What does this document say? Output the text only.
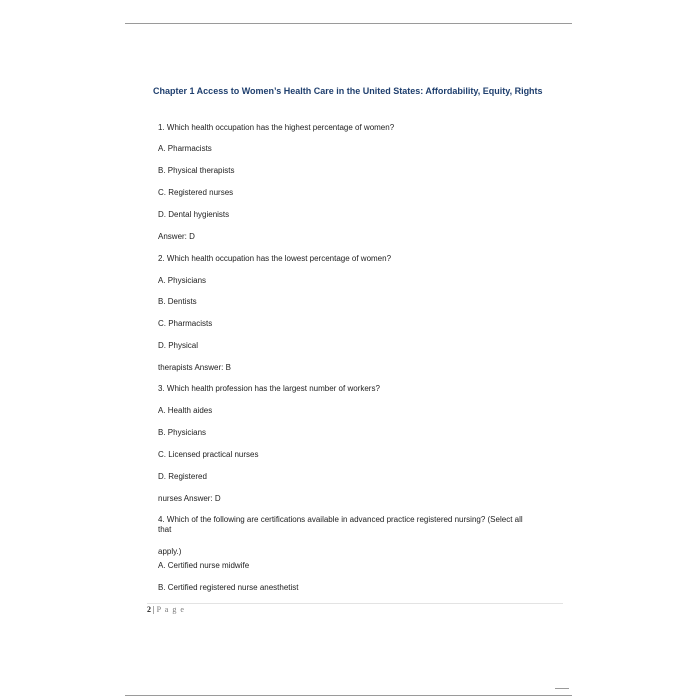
Chapter 1 Access to Women’s Health Care in the United States: Affordability, Equity, Rights
1. Which health occupation has the highest percentage of women?
A. Pharmacists
B. Physical therapists
C. Registered nurses
D. Dental hygienists
Answer: D
2. Which health occupation has the lowest percentage of women?
A. Physicians
B. Dentists
C. Pharmacists
D. Physical
therapists Answer: B
3. Which health profession has the largest number of workers?
A. Health aides
B. Physicians
C. Licensed practical nurses
D. Registered
nurses Answer: D
4. Which of the following are certifications available in advanced practice registered nursing? (Select all that
apply.)
A. Certified nurse midwife
B. Certified registered nurse anesthetist
2 | P a g e
